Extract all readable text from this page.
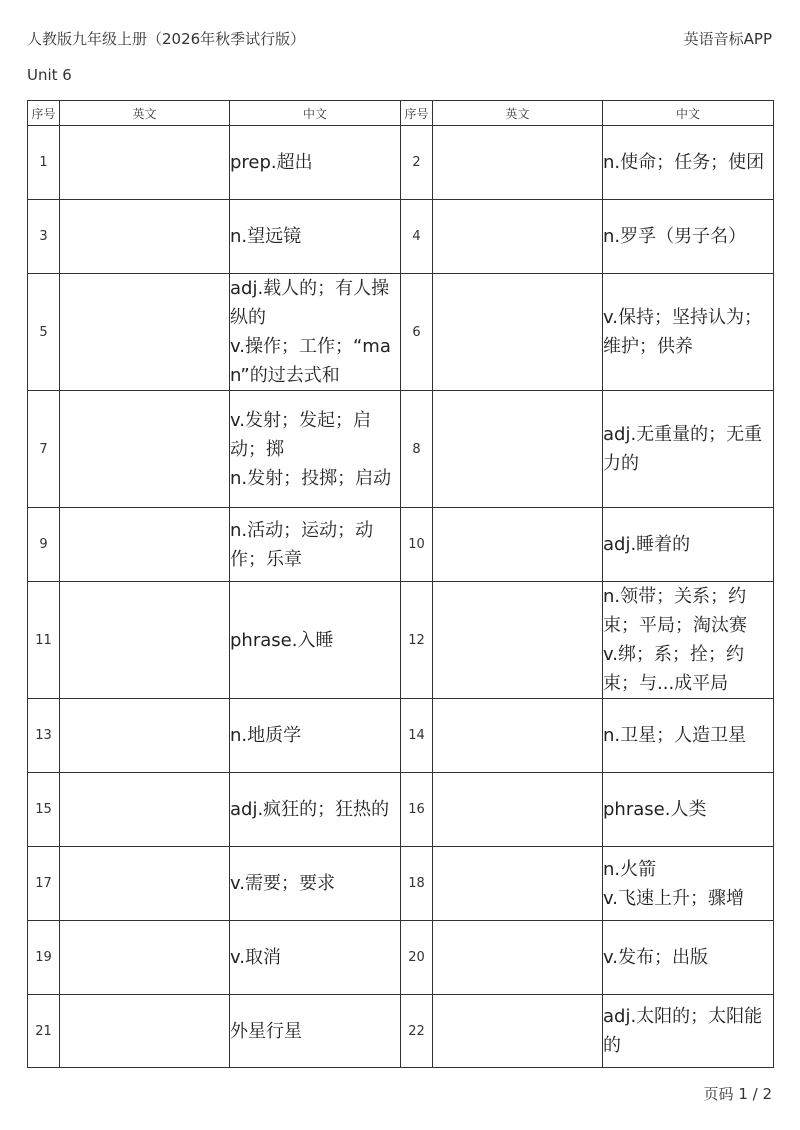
人教版九年级上册（2026年秋季试行版）	英语音标APP
Unit 6
序号	英文	中文	序号	英文	中文
1		prep.超出	2		n.使命；任务；使团

3		n.望远镜	4		n.罗孚（男子名）

5		adj.载人的；有人操纵的
v.操作；工作；“man”的过去式和	6		v.保持；坚持认为；维护；供养

7		v.发射；发起；启动；掷
n.发射；投掷；启动	8		adj.无重量的；无重力的

9		n.活动；运动；动作；乐章	10		adj.睡着的

11		phrase.入睡	12		n.领带；关系；约束；平局；淘汰赛
v.绑；系；拴；约束；与...成平局

13		n.地质学	14		n.卫星；人造卫星

15		adj.疯狂的；狂热的	16		phrase.人类

17		v.需要；要求	18		n.火箭
v.飞速上升；骤增

19		v.取消	20		v.发布；出版

21		外星行星	22		adj.太阳的；太阳能的
页码 1 / 2
